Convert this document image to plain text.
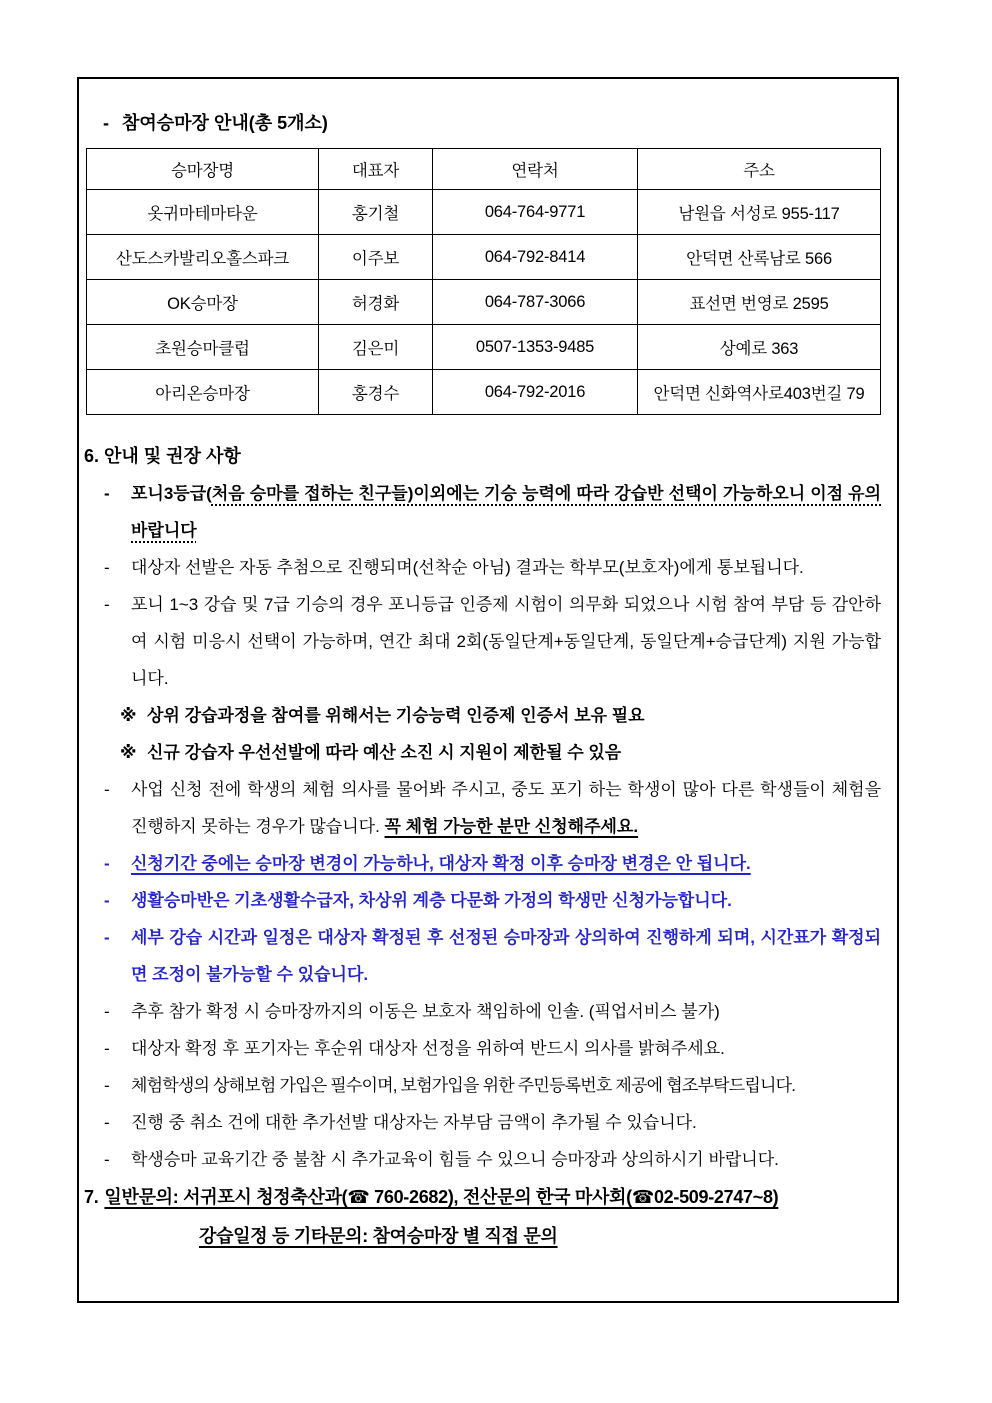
- 참여승마장 안내(총 5개소)
승마장명	대표자	연락처	주소
옷귀마테마타운	홍기철	064-764-9771	남원읍 서성로 955-117
산도스카발리오홀스파크	이주보	064-792-8414	안덕면 산록남로 566
OK승마장	허경화	064-787-3066	표선면 번영로 2595
초원승마클럽	김은미	0507-1353-9485	상예로 363
아리온승마장	홍경수	064-792-2016	안덕면 신화역사로403번길 79
6. 안내 및 권장 사항
-	포니3등급(처음 승마를 접하는 친구들)이외에는 기승 능력에 따라 강습반 선택이 가능하오니 이점 유의 바랍니다
-	대상자 선발은 자동 추첨으로 진행되며(선착순 아님) 결과는 학부모(보호자)에게 통보됩니다.
-	포니 1~3 강습 및 7급 기승의 경우 포니등급 인증제 시험이 의무화 되었으나 시험 참여 부담 등 감안하여 시험 미응시 선택이 가능하며, 연간 최대 2회(동일단계+동일단계, 동일단계+승급단계) 지원 가능합니다.
※ 상위 강습과정을 참여를 위해서는 기승능력 인증제 인증서 보유 필요
※ 신규 강습자 우선선발에 따라 예산 소진 시 지원이 제한될 수 있음
-	사업 신청 전에 학생의 체험 의사를 물어봐 주시고, 중도 포기 하는 학생이 많아 다른 학생들이 체험을 진행하지 못하는 경우가 많습니다. 꼭 체험 가능한 분만 신청해주세요.
-	신청기간 중에는 승마장 변경이 가능하나, 대상자 확정 이후 승마장 변경은 안 됩니다.
-	생활승마반은 기초생활수급자, 차상위 계층 다문화 가정의 학생만 신청가능합니다.
-	세부 강습 시간과 일정은 대상자 확정된 후 선정된 승마장과 상의하여 진행하게 되며, 시간표가 확정되면 조정이 불가능할 수 있습니다.
-	추후 참가 확정 시 승마장까지의 이동은 보호자 책임하에 인솔. (픽업서비스 불가)
-	대상자 확정 후 포기자는 후순위 대상자 선정을 위하여 반드시 의사를 밝혀주세요.
-	체험학생의 상해보험 가입은 필수이며, 보험가입을 위한 주민등록번호 제공에 협조부탁드립니다.
-	진행 중 취소 건에 대한 추가선발 대상자는 자부담 금액이 추가될 수 있습니다.
-	학생승마 교육기간 중 불참 시 추가교육이 힘들 수 있으니 승마장과 상의하시기 바랍니다.
7. 일반문의: 서귀포시 청정축산과(☎ 760-2682), 전산문의 한국 마사회(☎02-509-2747~8)
강습일정 등 기타문의: 참여승마장 별 직접 문의
